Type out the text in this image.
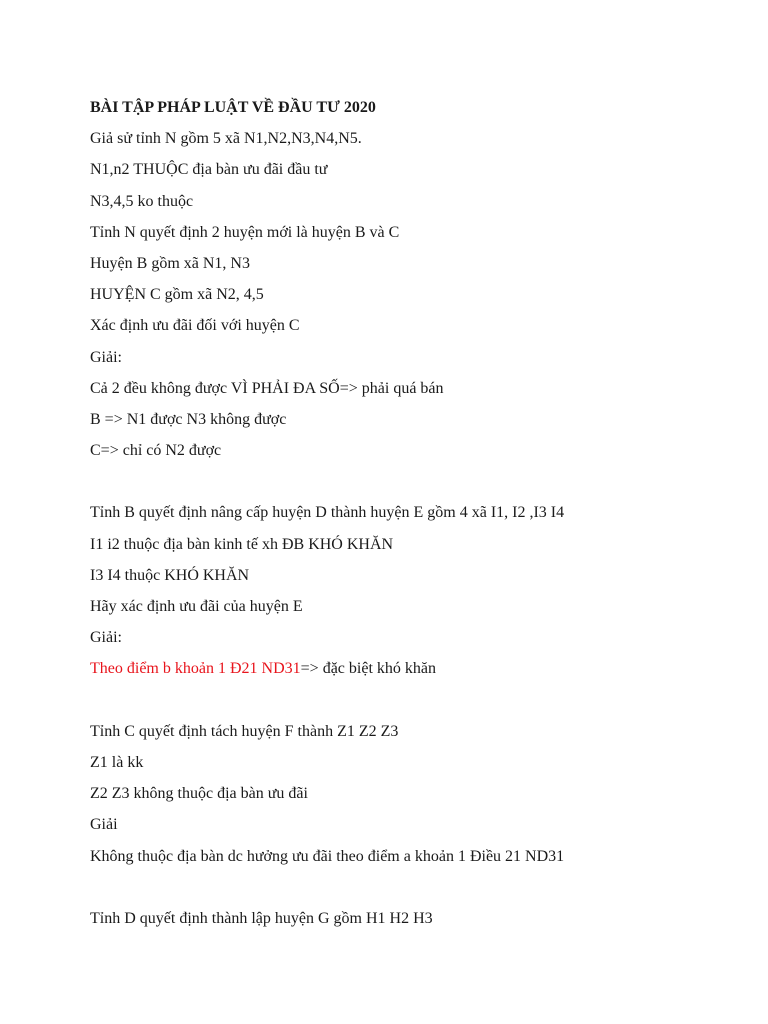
BÀI TẬP PHÁP LUẬT VỀ ĐẦU TƯ 2020
Giả sử tỉnh N gồm 5 xã N1,N2,N3,N4,N5.
N1,n2 THUỘC địa bàn ưu đãi đầu tư
N3,4,5 ko thuộc
Tỉnh N quyết định 2 huyện mới là huyện B và C
Huyện B gồm xã N1, N3
HUYỆN C gồm xã N2, 4,5
Xác định ưu đãi đối với huyện C
Giải:
Cả 2 đều không được VÌ PHẢI ĐA SỐ=> phải quá bán
B => N1 được N3 không được
C=> chỉ có N2 được
Tỉnh B quyết định nâng cấp huyện D thành huyện E gồm 4 xã I1, I2 ,I3 I4
I1 i2 thuộc địa bàn kinh tế xh ĐB KHÓ KHĂN
I3 I4 thuộc KHÓ KHĂN
Hãy xác định ưu đãi của huyện E
Giải:
Theo điểm b khoản 1 Đ21 ND31=> đặc biệt khó khăn
Tỉnh C quyết định tách huyện F thành Z1 Z2 Z3
Z1 là kk
Z2 Z3 không thuộc địa bàn ưu đãi
Giải
Không thuộc địa bàn dc hưởng ưu đãi theo điểm a khoản 1 Điều 21 ND31
Tỉnh D quyết định thành lập huyện G gồm H1 H2 H3
